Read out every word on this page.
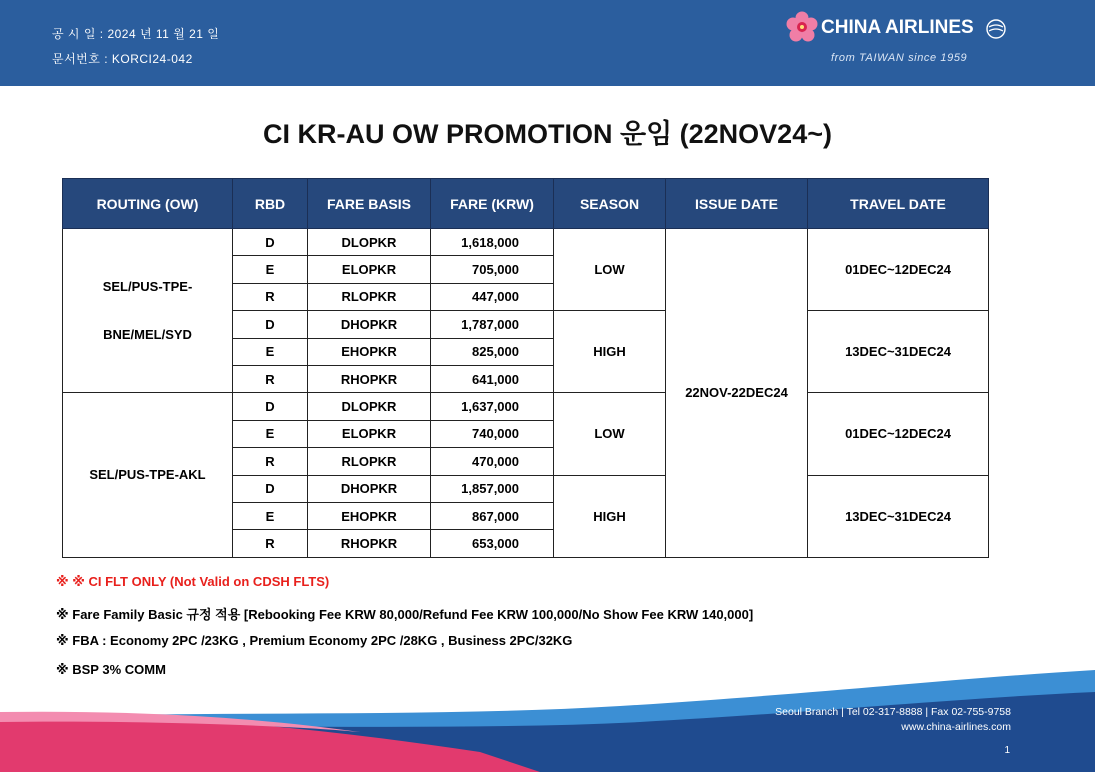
공 시 일 : 2024 년 11 월 21 일
문서번호 : KORCI24-042
CHINA AIRLINES
from TAIWAN since 1959
CI KR-AU OW PROMOTION 운임 (22NOV24~)
ROUTING (OW)	RBD	FARE BASIS	FARE (KRW)	SEASON	ISSUE DATE	TRAVEL DATE

SEL/PUS-TPE-
BNE/MEL/SYD	D	DLOPKR	1,618,000	LOW	22NOV-22DEC24	01DEC~12DEC24
	E	ELOPKR	705,000			
	R	RLOPKR	447,000			
	D	DHOPKR	1,787,000	HIGH		13DEC~31DEC24
	E	EHOPKR	825,000			
	R	RHOPKR	641,000			

SEL/PUS-TPE-AKL	D	DLOPKR	1,637,000	LOW		01DEC~12DEC24
	E	ELOPKR	740,000			
	R	RLOPKR	470,000			
	D	DHOPKR	1,857,000	HIGH		13DEC~31DEC24
	E	EHOPKR	867,000			
	R	RHOPKR	653,000			
※ ※ CI FLT ONLY (Not Valid on CDSH FLTS)
※ Fare Family Basic 규정 적용 [Rebooking Fee KRW 80,000/Refund Fee KRW 100,000/No Show Fee KRW 140,000]
※ FBA : Economy 2PC /23KG , Premium Economy 2PC /28KG , Business 2PC/32KG
※ BSP 3% COMM
Seoul Branch | Tel 02-317-8888 | Fax 02-755-9758
www.china-airlines.com
1
